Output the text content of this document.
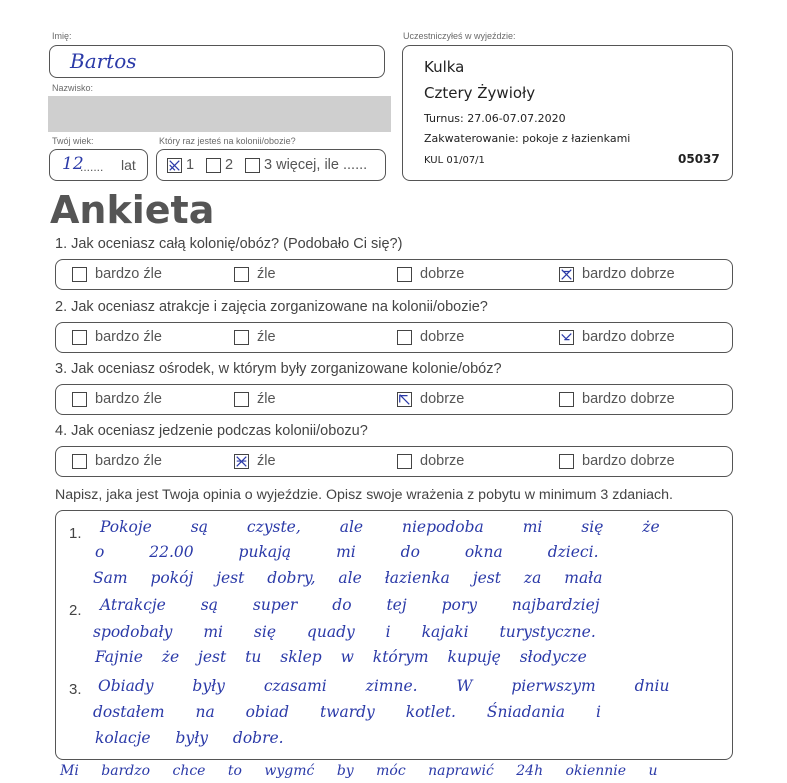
Imię:
Bartos
Nazwisko:
Twój wiek:
12
....... lat
Który raz jesteś na kolonii/obozie?
1 2 3 więcej, ile ......
Uczestniczyłeś w wyjeździe:
Kulka
Cztery Żywioły
Turnus: 27.06-07.07.2020
Zakwaterowanie: pokoje z łazienkami
KUL 01/07/1	05037
Ankieta
1. Jak oceniasz całą kolonię/obóz? (Podobało Ci się?)
bardzo źle	źle	dobrze	bardzo dobrze
2. Jak oceniasz atrakcje i zajęcia zorganizowane na kolonii/obozie?
bardzo źle	źle	dobrze	bardzo dobrze
3. Jak oceniasz ośrodek, w którym były zorganizowane kolonie/obóz?
bardzo źle	źle	dobrze	bardzo dobrze
4. Jak oceniasz jedzenie podczas kolonii/obozu?
bardzo źle	źle	dobrze	bardzo dobrze
Napisz, jaka jest Twoja opinia o wyjeździe. Opisz swoje wrażenia z pobytu w minimum 3 zdaniach.
1.
2.
3.
Pokoje są czyste, ale niepodoba mi się że
o 22.00 pukają mi do okna dzieci.
Sam pokój jest dobry, ale łazienka jest za mała
Atrakcje są super do tej pory najbardziej
spodobały mi się quady i kajaki turystyczne.
Fajnie że jest tu sklep w którym kupuję słodycze
Obiady były czasami zimne. W pierwszym dniu
dostałem na obiad twardy kotlet. Śniadania i
kolacje były dobre.
Mi bardzo chce to wygmć by móc naprawić 24h okiennie u
